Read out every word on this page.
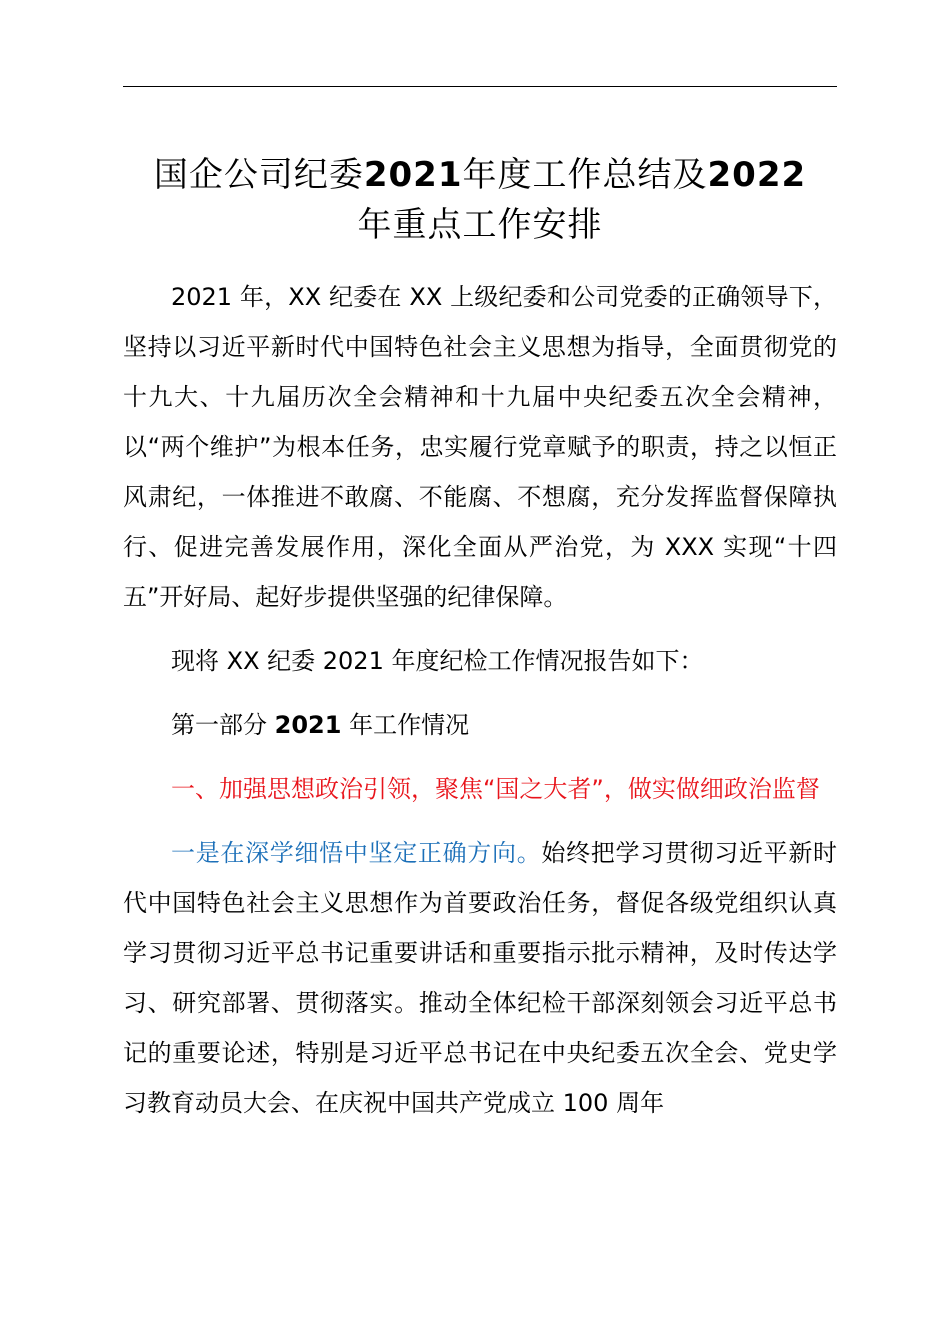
国企公司纪委2021年度工作总结及2022
年重点工作安排

2021 年，XX 纪委在 XX 上级纪委和公司党委的正确领导下，坚持以习近平新时代中国特色社会主义思想为指导，全面贯彻党的十九大、十九届历次全会精神和十九届中央纪委五次全会精神，以“两个维护”为根本任务，忠实履行党章赋予的职责，持之以恒正风肃纪，一体推进不敢腐、不能腐、不想腐，充分发挥监督保障执行、促进完善发展作用，深化全面从严治党，为 XXX 实现“十四五”开好局、起好步提供坚强的纪律保障。

现将 XX 纪委 2021 年度纪检工作情况报告如下：

第一部分 2021 年工作情况

一、加强思想政治引领，聚焦“国之大者”，做实做细政治监督

一是在深学细悟中坚定正确方向。始终把学习贯彻习近平新时代中国特色社会主义思想作为首要政治任务，督促各级党组织认真学习贯彻习近平总书记重要讲话和重要指示批示精神，及时传达学习、研究部署、贯彻落实。推动全体纪检干部深刻领会习近平总书记的重要论述，特别是习近平总书记在中央纪委五次全会、党史学习教育动员大会、在庆祝中国共产党成立 100 周年
